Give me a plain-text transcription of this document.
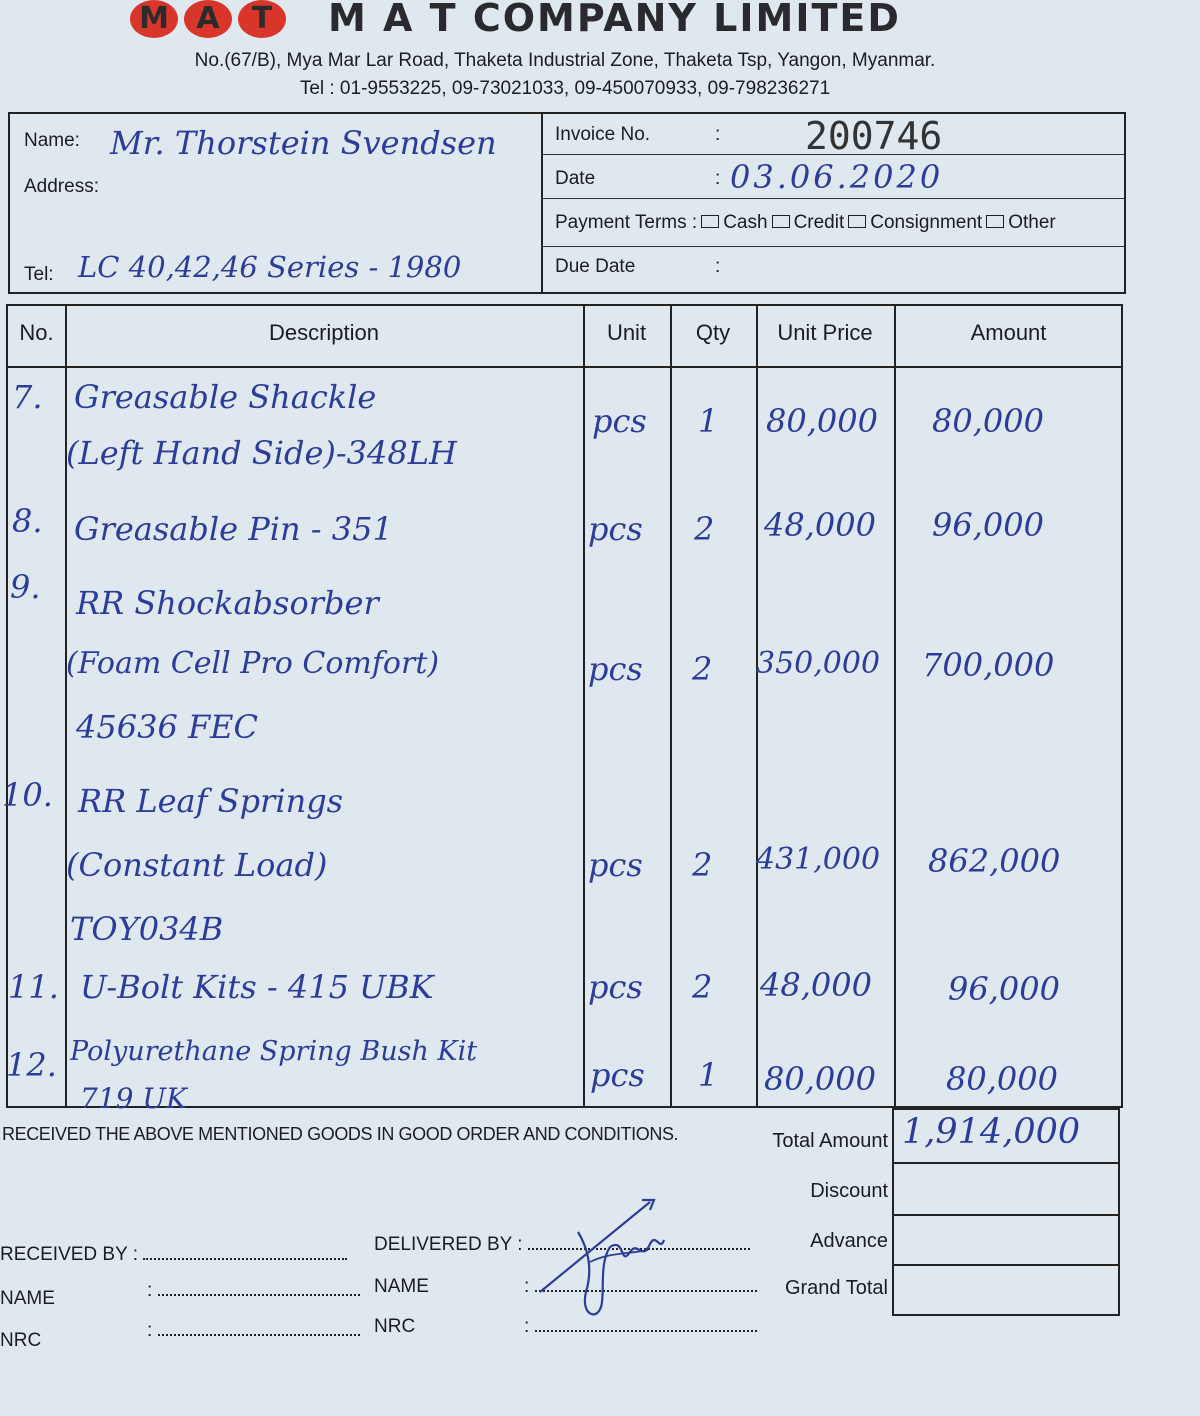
M A	T	M A T COMPANY LIMITED
No.(67/B), Mya Mar Lar Road, Thaketa Industrial Zone, Thaketa Tsp, Yangon, Myanmar.
Tel : 01-9553225, 09-73021033, 09-450070933, 09-798236271
Name: Mr. Thorstein Svendsen
Address:
Tel: LC 40,42,46 Series - 1980
Invoice No.	: 200746
Date	: 03.06.2020
Payment Terms : Cash Credit Consignment Other
Due Date	:
No.	Description	Unit	Qty	Unit Price	Amount
7. Greasable Shackle
(Left Hand Side)-348LH
pcs 1 80,000 80,000
8. Greasable Pin - 351	pcs 2 48,000 96,000
9. RR Shockabsorber
(Foam Cell Pro Comfort)
45636 FEC
pcs 2 350,000 700,000
10. RR Leaf Springs
(Constant Load)
TOY034B
pcs 2 431,000 862,000
11. U-Bolt Kits - 415 UBK	pcs 2 48,000 96,000
12. Polyurethane Spring Bush Kit
719 UK
pcs 1 80,000 80,000
RECEIVED THE ABOVE MENTIONED GOODS IN GOOD ORDER AND CONDITIONS.	Total Amount 1,914,000
Discount
Advance
Grand Total
RECEIVED BY :	DELIVERED BY :
NAME	:	NAME	:
NRC	:	NRC	:
